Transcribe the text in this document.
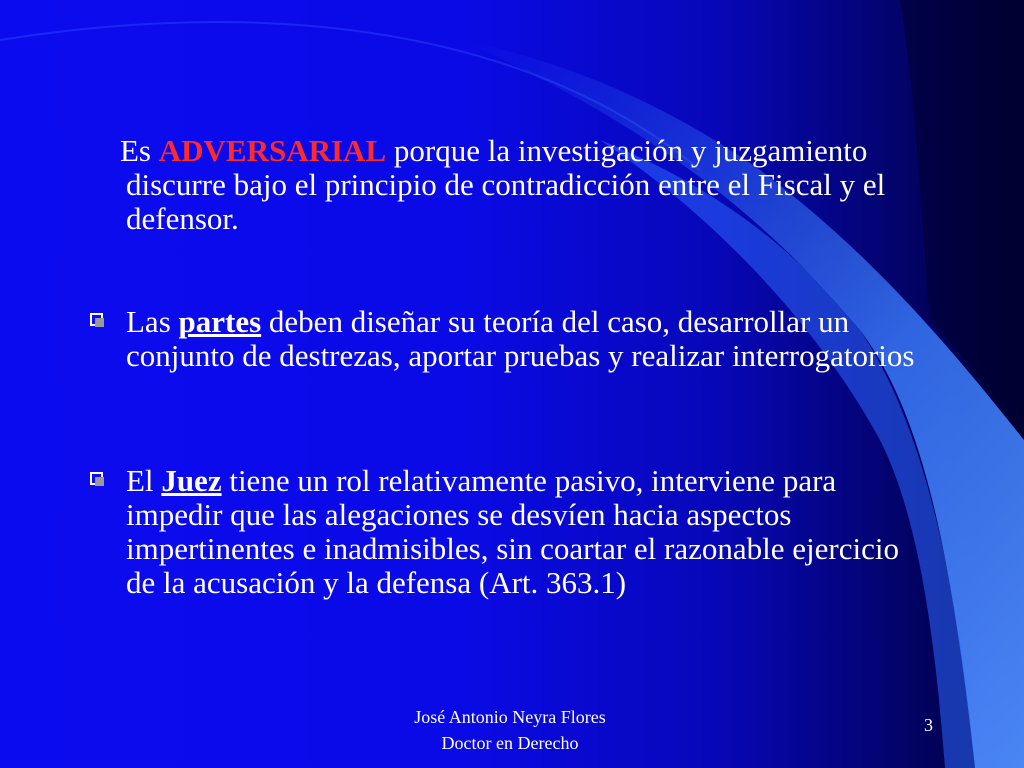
Es ADVERSARIAL porque la investigación y juzgamiento discurre bajo el principio de contradicción entre el Fiscal y el defensor.
Las partes deben diseñar su teoría del caso, desarrollar un conjunto de destrezas, aportar pruebas y realizar interrogatorios
El Juez tiene un rol relativamente pasivo, interviene para impedir que las alegaciones se desvíen hacia aspectos impertinentes e inadmisibles, sin coartar el razonable ejercicio de la acusación y la defensa (Art. 363.1)
José Antonio Neyra Flores
Doctor en Derecho
3
